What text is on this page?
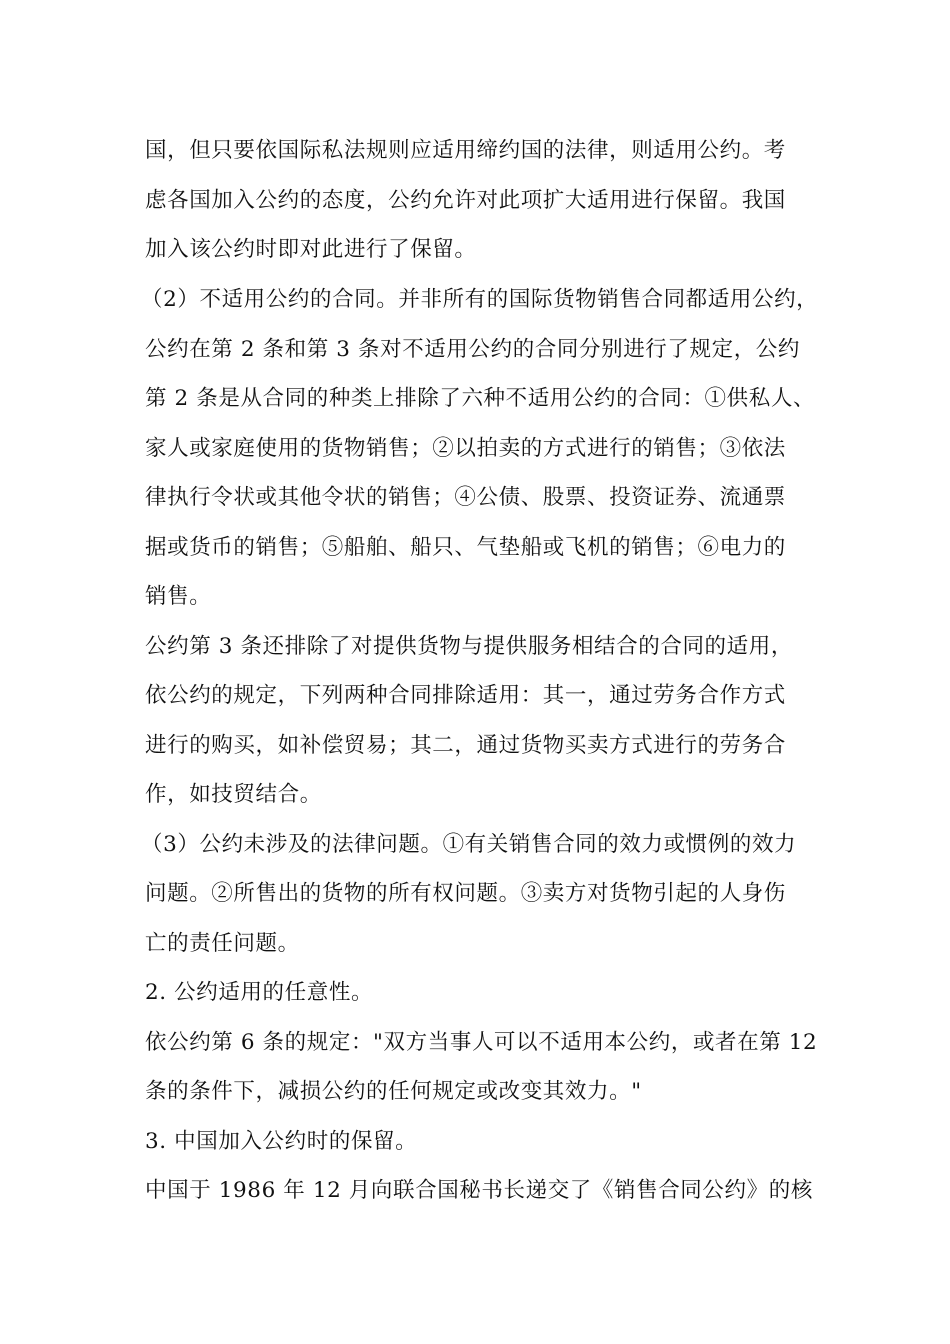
国，但只要依国际私法规则应适用缔约国的法律，则适用公约。考
虑各国加入公约的态度，公约允许对此项扩大适用进行保留。我国
加入该公约时即对此进行了保留。
（2）不适用公约的合同。并非所有的国际货物销售合同都适用公约，
公约在第 2 条和第 3 条对不适用公约的合同分别进行了规定，公约
第 2 条是从合同的种类上排除了六种不适用公约的合同：①供私人、
家人或家庭使用的货物销售；②以拍卖的方式进行的销售；③依法
律执行令状或其他令状的销售；④公债、股票、投资证券、流通票
据或货币的销售；⑤船舶、船只、气垫船或飞机的销售；⑥电力的
销售。
公约第 3 条还排除了对提供货物与提供服务相结合的合同的适用，
依公约的规定，下列两种合同排除适用：其一，通过劳务合作方式
进行的购买，如补偿贸易；其二，通过货物买卖方式进行的劳务合
作，如技贸结合。
（3）公约未涉及的法律问题。①有关销售合同的效力或惯例的效力
问题。②所售出的货物的所有权问题。③卖方对货物引起的人身伤
亡的责任问题。
2. 公约适用的任意性。
依公约第 6 条的规定："双方当事人可以不适用本公约，或者在第 12
条的条件下，减损公约的任何规定或改变其效力。"
3. 中国加入公约时的保留。
中国于 1986 年 12 月向联合国秘书长递交了《销售合同公约》的核
